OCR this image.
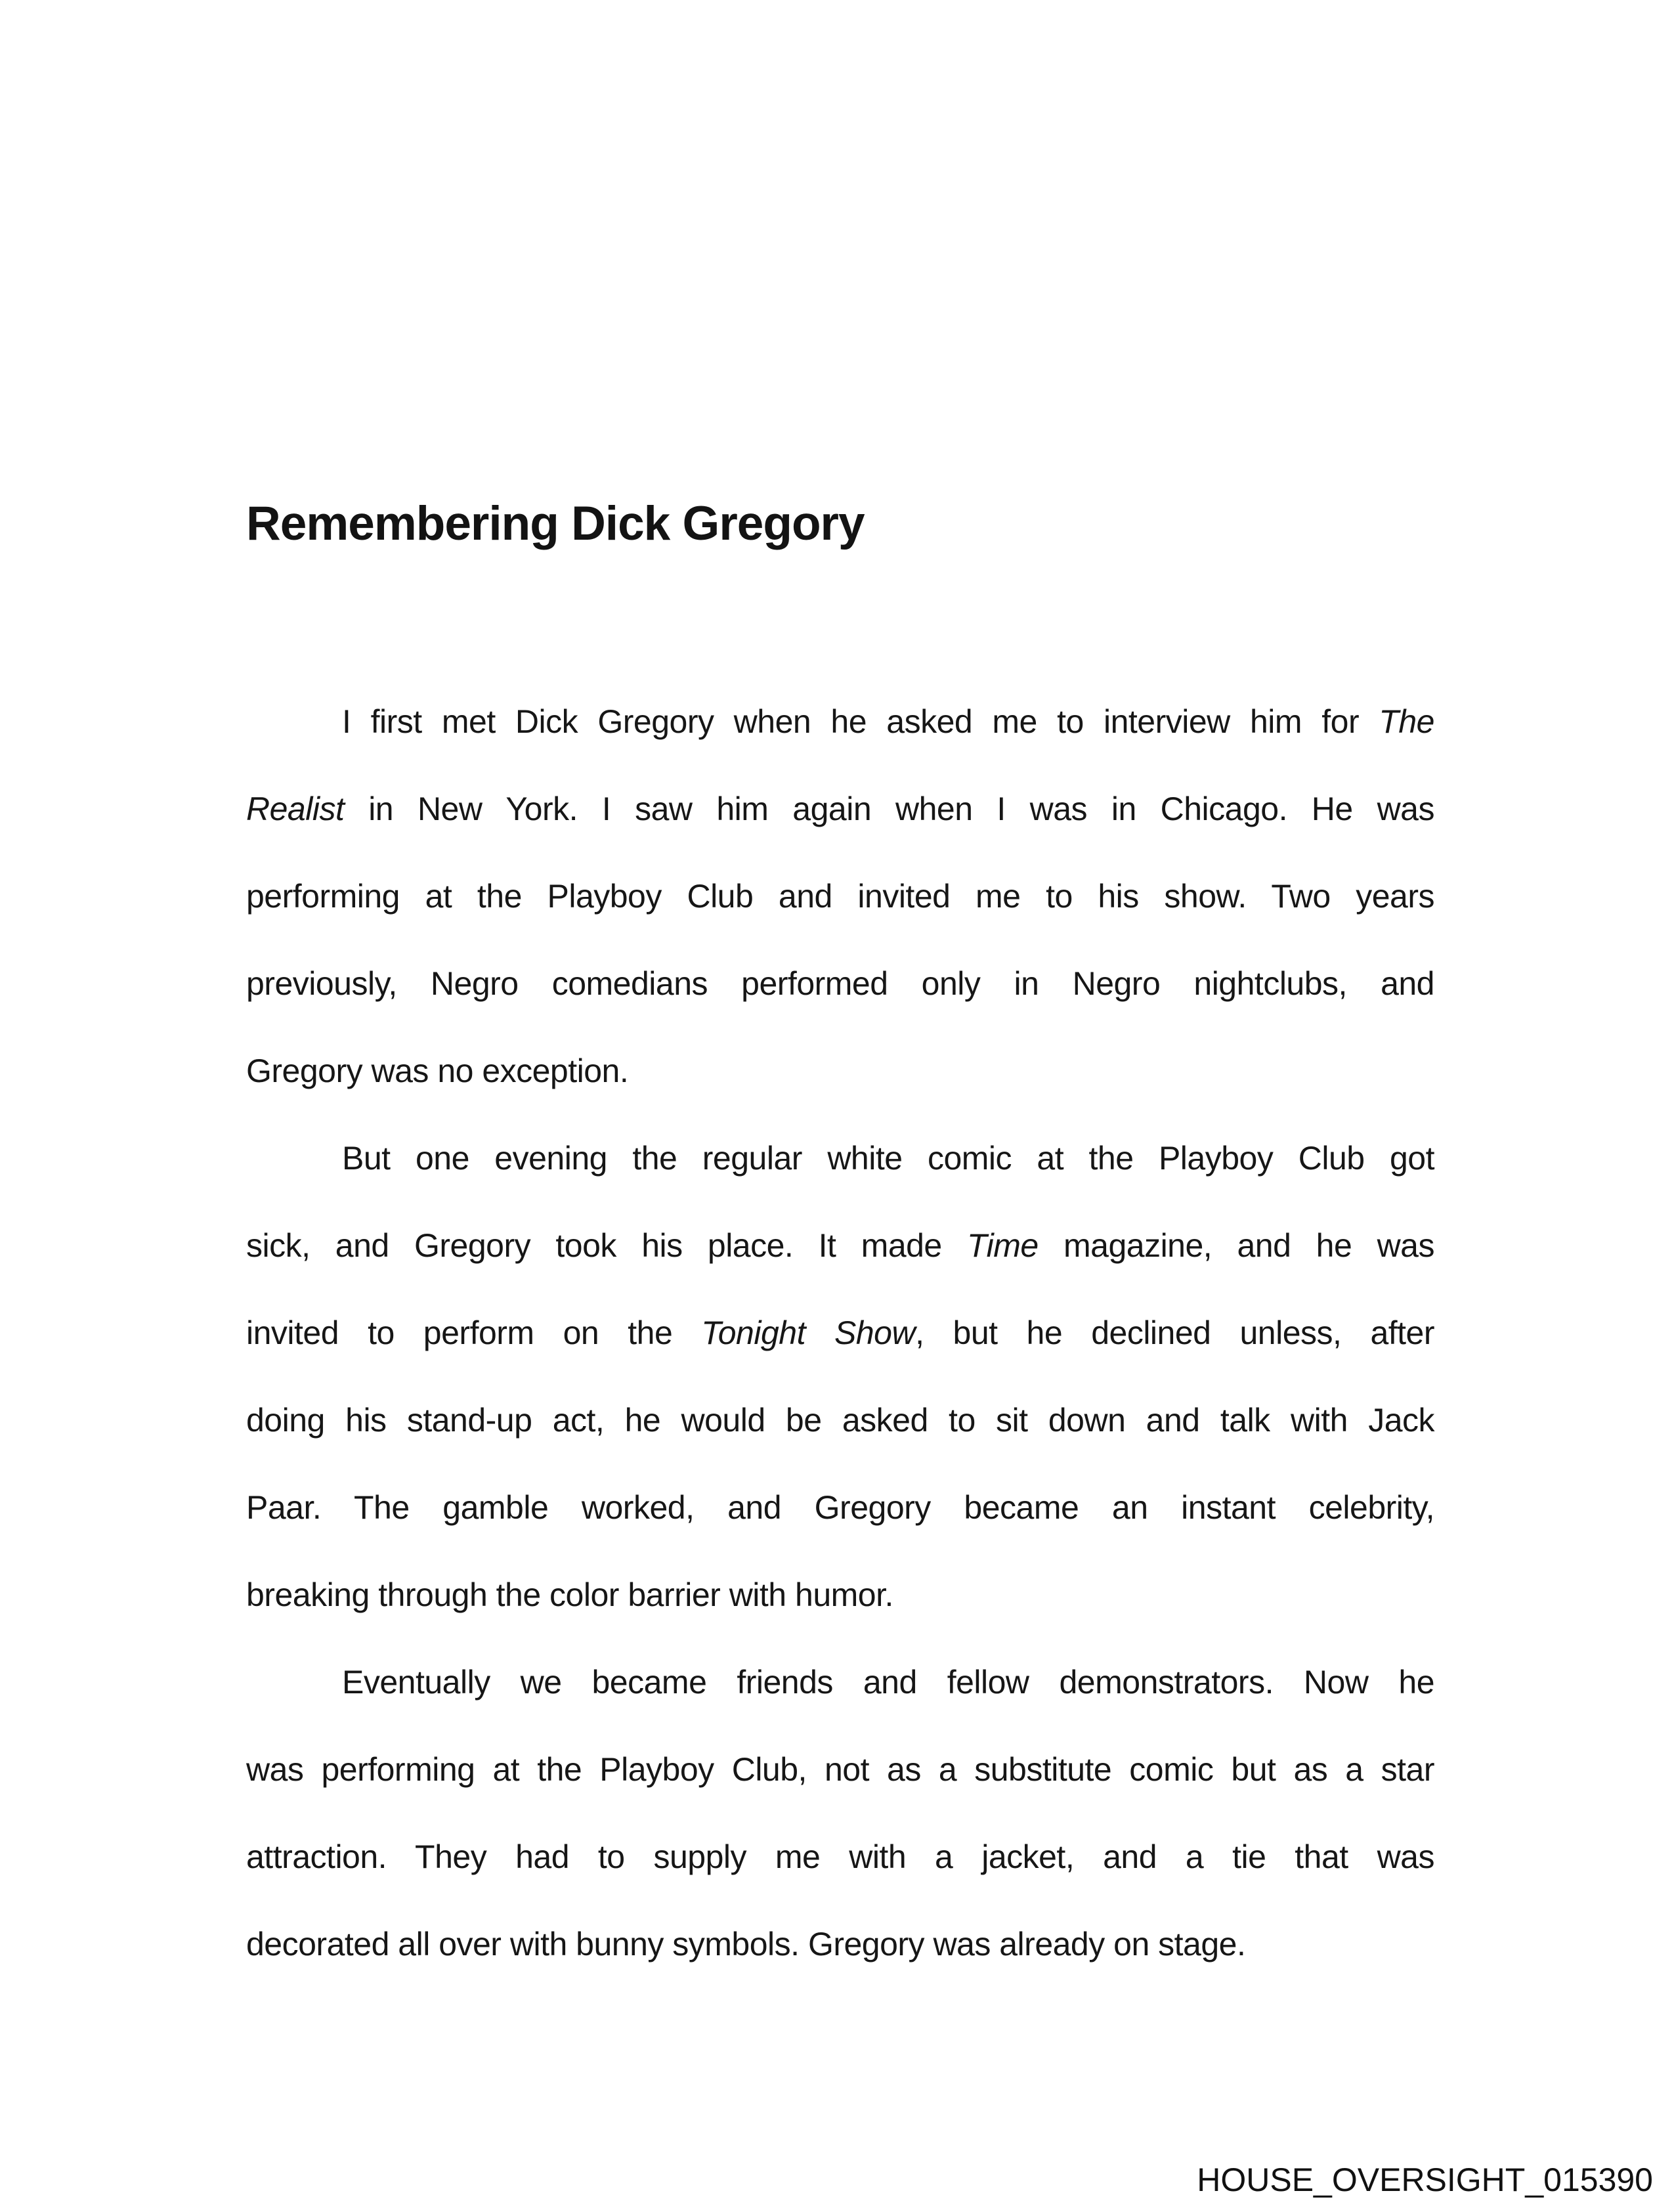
Remembering Dick Gregory
I first met Dick Gregory when he asked me to interview him for The
Realist in New York. I saw him again when I was in Chicago. He was
performing at the Playboy Club and invited me to his show. Two years
previously, Negro comedians performed only in Negro nightclubs, and
Gregory was no exception.
But one evening the regular white comic at the Playboy Club got
sick, and Gregory took his place. It made Time magazine, and he was
invited to perform on the Tonight Show, but he declined unless, after
doing his stand-up act, he would be asked to sit down and talk with Jack
Paar. The gamble worked, and Gregory became an instant celebrity,
breaking through the color barrier with humor.
Eventually we became friends and fellow demonstrators. Now he
was performing at the Playboy Club, not as a substitute comic but as a star
attraction. They had to supply me with a jacket, and a tie that was
decorated all over with bunny symbols. Gregory was already on stage.
HOUSE_OVERSIGHT_015390
